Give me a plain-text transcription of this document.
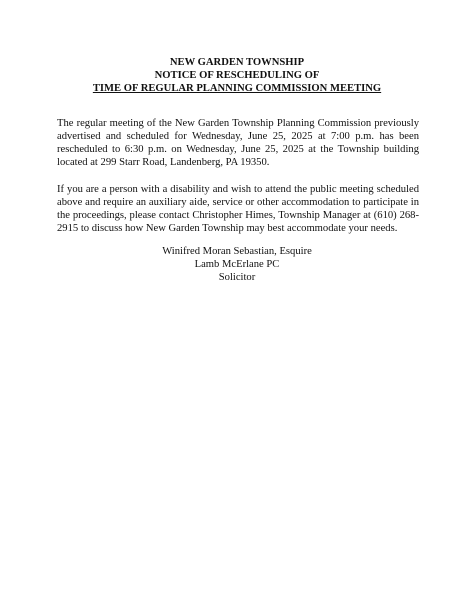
NEW GARDEN TOWNSHIP
NOTICE OF RESCHEDULING OF
TIME OF REGULAR PLANNING COMMISSION MEETING

The regular meeting of the New Garden Township Planning Commission previously advertised and scheduled for Wednesday, June 25, 2025 at 7:00 p.m. has been rescheduled to 6:30 p.m. on Wednesday, June 25, 2025 at the Township building located at 299 Starr Road, Landenberg, PA 19350.

If you are a person with a disability and wish to attend the public meeting scheduled above and require an auxiliary aide, service or other accommodation to participate in the proceedings, please contact Christopher Himes, Township Manager at (610) 268-2915 to discuss how New Garden Township may best accommodate your needs.

Winifred Moran Sebastian, Esquire
Lamb McErlane PC
Solicitor
